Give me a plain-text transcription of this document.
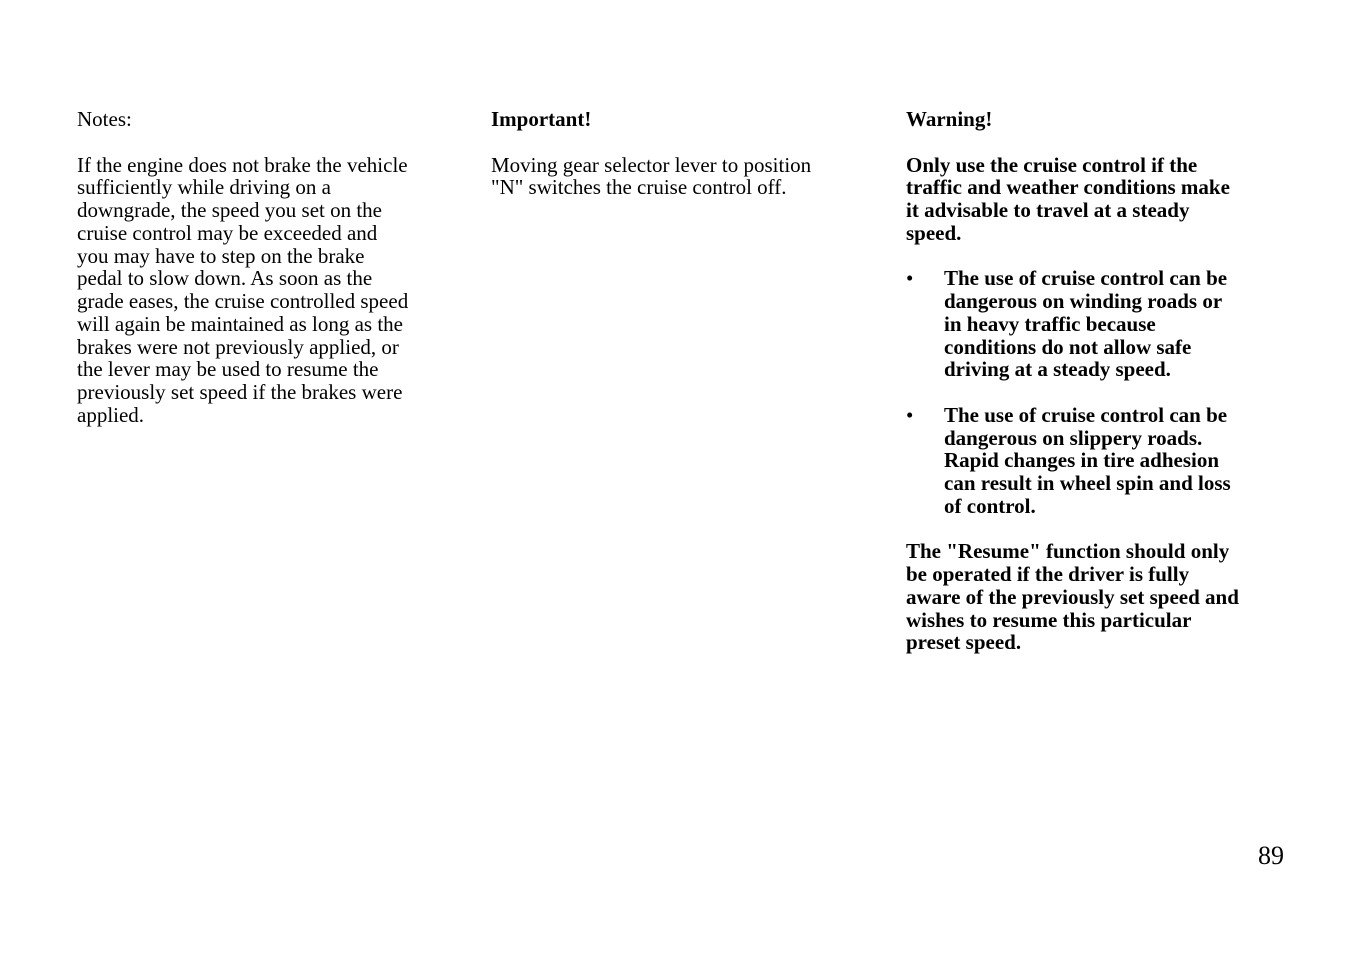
Notes:

If the engine does not brake the vehicle
sufficiently while driving on a
downgrade, the speed you set on the
cruise control may be exceeded and
you may have to step on the brake
pedal to slow down. As soon as the
grade eases, the cruise controlled speed
will again be maintained as long as the
brakes were not previously applied, or
the lever may be used to resume the
previously set speed if the brakes were
applied.

Important!

Moving gear selector lever to position
"N" switches the cruise control off.

Warning!

Only use the cruise control if the
traffic and weather conditions make
it advisable to travel at a steady
speed.

• The use of cruise control can be
dangerous on winding roads or
in heavy traffic because
conditions do not allow safe
driving at a steady speed.

• The use of cruise control can be
dangerous on slippery roads.
Rapid changes in tire adhesion
can result in wheel spin and loss
of control.

The "Resume" function should only
be operated if the driver is fully
aware of the previously set speed and
wishes to resume this particular
preset speed.

89
